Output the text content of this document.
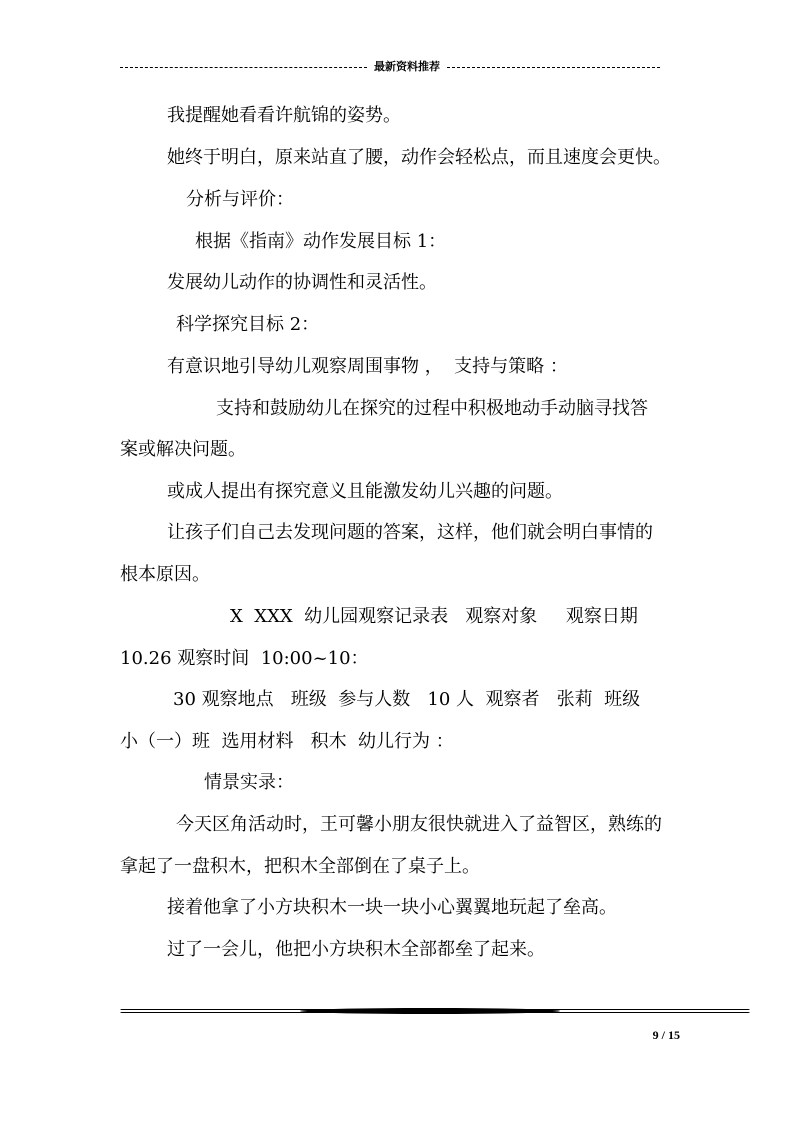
最新资料推荐
我提醒她看看许航锦的姿势。
她终于明白，原来站直了腰，动作会轻松点，而且速度会更快。
分析与评价：
根据《指南》动作发展目标 1：
发展幼儿动作的协调性和灵活性。
科学探究目标 2：
有意识地引导幼儿观察周围事物 ，  支持与策略 ：
支持和鼓励幼儿在探究的过程中积极地动手动脑寻找答
案或解决问题。
或成人提出有探究意义且能激发幼儿兴趣的问题。
让孩子们自己去发现问题的答案，这样，他们就会明白事情的
根本原因。
X  XXX  幼儿园观察记录表   观察对象     观察日期
10.26 观察时间  10:00~10：
30 观察地点   班级  参与人数   10 人  观察者   张莉  班级
小（一）班  选用材料   积木  幼儿行为 ：
情景实录：
今天区角活动时，王可馨小朋友很快就进入了益智区，熟练的
拿起了一盘积木，把积木全部倒在了桌子上。
接着他拿了小方块积木一块一块小心翼翼地玩起了垒高。
过了一会儿，他把小方块积木全部都垒了起来。
9 / 15
